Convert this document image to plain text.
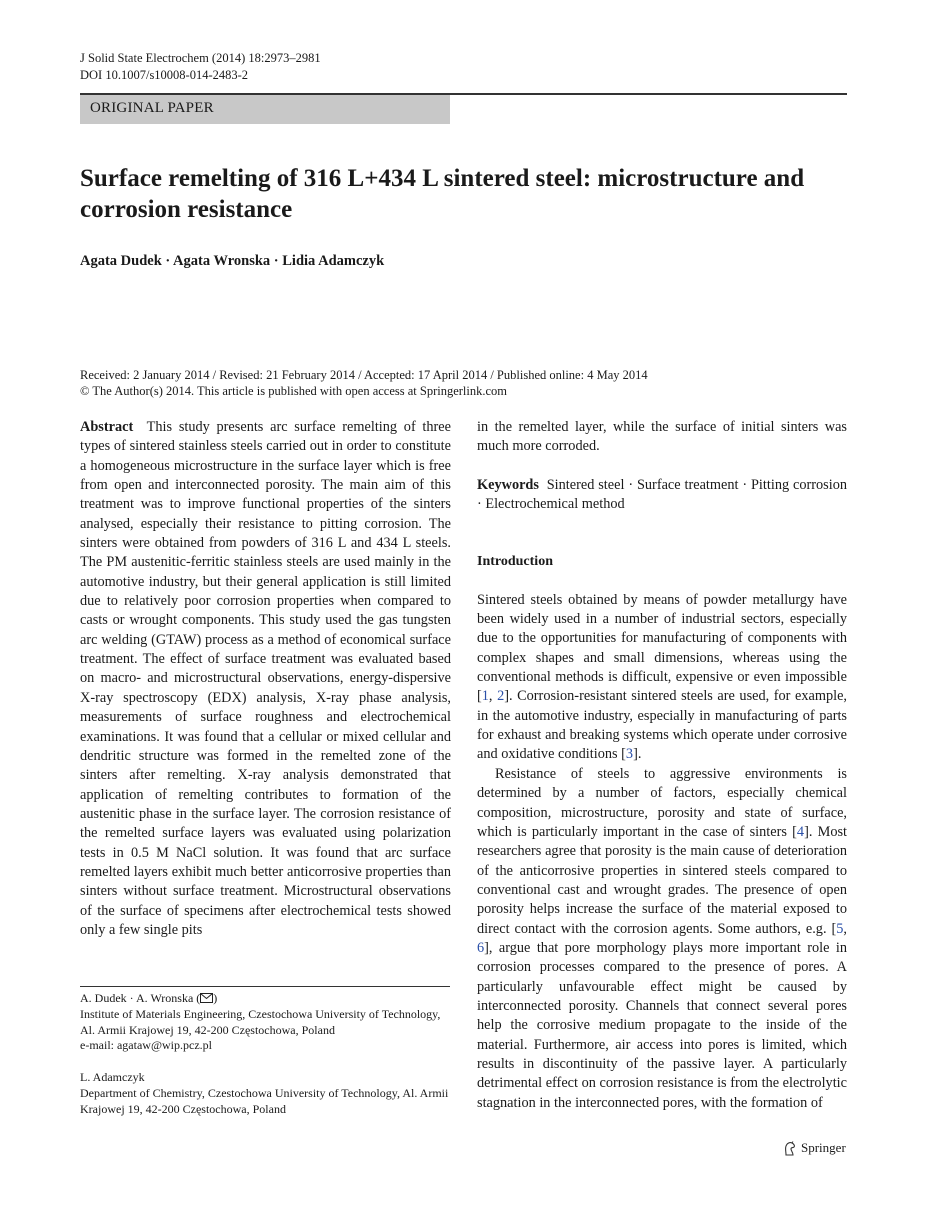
J Solid State Electrochem (2014) 18:2973–2981
DOI 10.1007/s10008-014-2483-2
ORIGINAL PAPER
Surface remelting of 316 L+434 L sintered steel: microstructure and corrosion resistance
Agata Dudek · Agata Wronska · Lidia Adamczyk
Received: 2 January 2014 / Revised: 21 February 2014 / Accepted: 17 April 2014 / Published online: 4 May 2014
© The Author(s) 2014. This article is published with open access at Springerlink.com

Abstract This study presents arc surface remelting of three types of sintered stainless steels carried out in order to constitute a homogeneous microstructure in the surface layer which is free from open and interconnected porosity. The main aim of this treatment was to improve functional properties of the sinters analysed, especially their resistance to pitting corrosion. The sinters were obtained from powders of 316 L and 434 L steels. The PM austenitic-ferritic stainless steels are used mainly in the automotive industry, but their general application is still limited due to relatively poor corrosion properties when compared to casts or wrought components. This study used the gas tungsten arc welding (GTAW) process as a method of economical surface treatment. The effect of surface treatment was evaluated based on macro- and microstructural observations, energy-dispersive X-ray spectroscopy (EDX) analysis, X-ray phase analysis, measurements of surface roughness and electrochemical examinations. It was found that a cellular or mixed cellular and dendritic structure was formed in the remelted zone of the sinters after remelting. X-ray analysis demonstrated that application of remelting contributes to formation of the austenitic phase in the surface layer. The corrosion resistance of the remelted surface layers was evaluated using polarization tests in 0.5 M NaCl solution. It was found that arc surface remelted layers exhibit much better anticorrosive properties than sinters without surface treatment. Microstructural observations of the surface of specimens after electrochemical tests showed only a few single pits

in the remelted layer, while the surface of initial sinters was much more corroded.

Keywords Sintered steel · Surface treatment · Pitting corrosion · Electrochemical method

Introduction

Sintered steels obtained by means of powder metallurgy have been widely used in a number of industrial sectors, especially due to the opportunities for manufacturing of components with complex shapes and small dimensions, whereas using the conventional methods is difficult, expensive or even impossible [1, 2]. Corrosion-resistant sintered steels are used, for example, in the automotive industry, especially in manufacturing of parts for exhaust and breaking systems which operate under corrosive and oxidative conditions [3].

Resistance of steels to aggressive environments is determined by a number of factors, especially chemical composition, microstructure, porosity and state of surface, which is particularly important in the case of sinters [4]. Most researchers agree that porosity is the main cause of deterioration of the anticorrosive properties in sintered steels compared to conventional cast and wrought grades. The presence of open porosity helps increase the surface of the material exposed to direct contact with the corrosion agents. Some authors, e.g. [5, 6], argue that pore morphology plays more important role in corrosion processes compared to the presence of pores. A particularly unfavourable effect might be caused by interconnected porosity. Channels that connect several pores help the corrosive medium propagate to the inside of the material. Furthermore, air access into pores is limited, which results in discontinuity of the passive layer. A particularly detrimental effect on corrosion resistance is from the electrolytic stagnation in the interconnected pores, with the formation of

A. Dudek · A. Wronska ( )

Institute of Materials Engineering, Czestochowa University of Technology, Al. Armii Krajowej 19, 42-200 Częstochowa, Poland

e-mail: agataw@wip.pcz.pl

L. Adamczyk

Department of Chemistry, Czestochowa University of Technology, Al. Armii Krajowej 19, 42-200 Częstochowa, Poland

Springer
